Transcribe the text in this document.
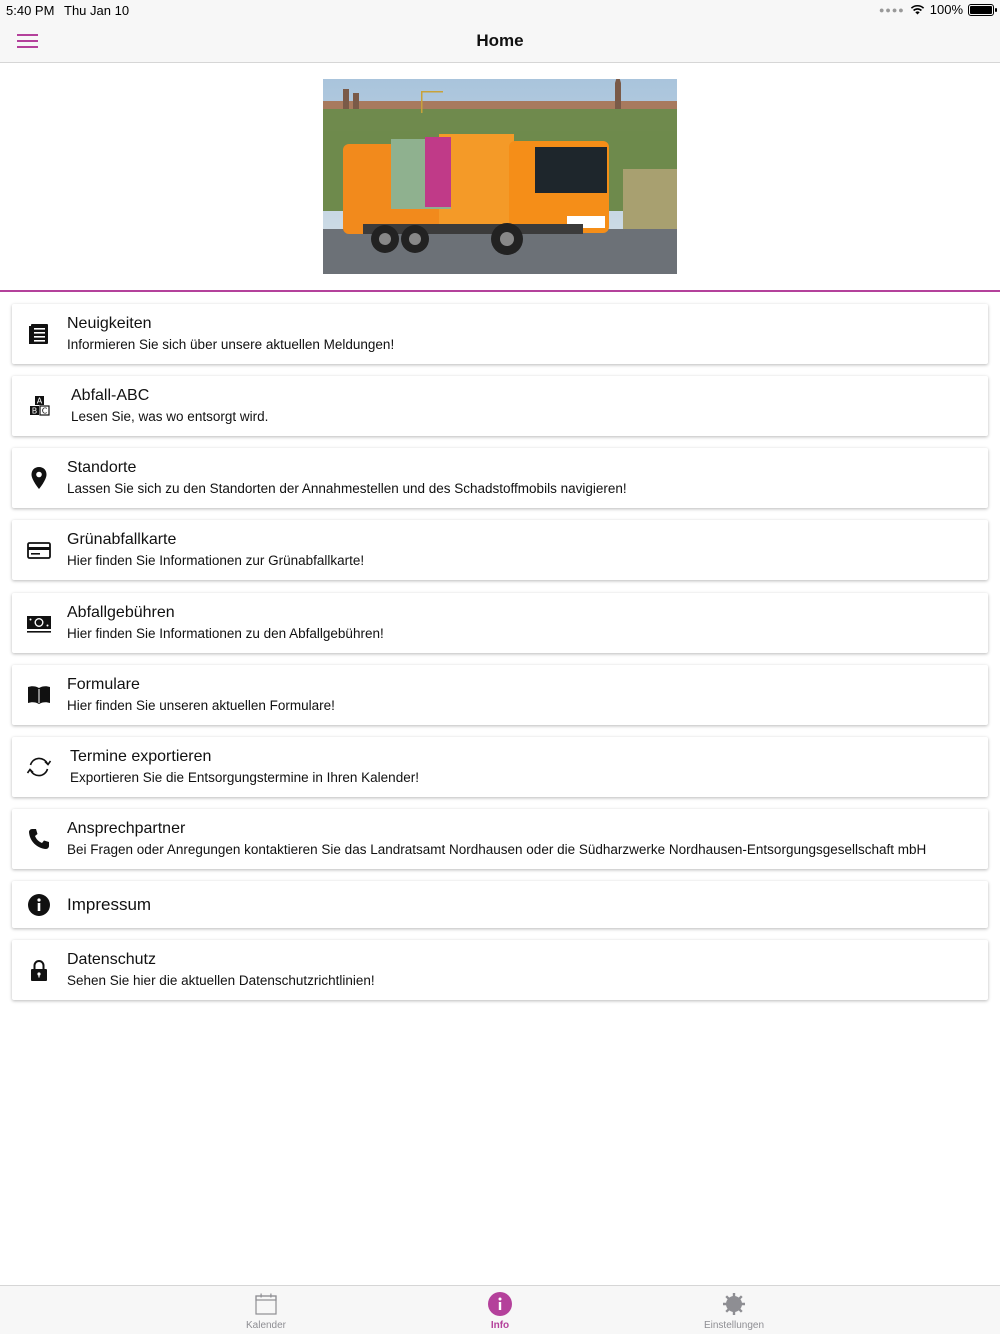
5:40 PM Thu Jan 10	●●●● 100%
Home
Neuigkeiten
Informieren Sie sich über unsere aktuellen Meldungen!
A
B C
Abfall-ABC
Lesen Sie, was wo entsorgt wird.
Standorte
Lassen Sie sich zu den Standorten der Annahmestellen und des Schadstoffmobils navigieren!
Grünabfallkarte
Hier finden Sie Informationen zur Grünabfallkarte!
Abfallgebühren
Hier finden Sie Informationen zu den Abfallgebühren!
Formulare
Hier finden Sie unseren aktuellen Formulare!
Termine exportieren
Exportieren Sie die Entsorgungstermine in Ihren Kalender!
Ansprechpartner
Bei Fragen oder Anregungen kontaktieren Sie das Landratsamt Nordhausen oder die Südharzwerke Nordhausen-Entsorgungsgesellschaft mbH
Impressum
Datenschutz
Sehen Sie hier die aktuellen Datenschutzrichtlinien!
Kalender	Info	Einstellungen
